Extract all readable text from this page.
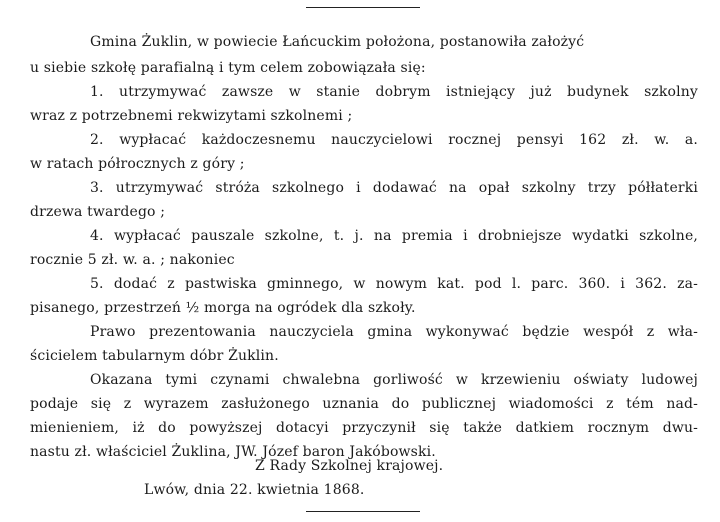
Gmina Żuklin, w powiecie Łańcuckim położona, postanowiła założyć
u siebie szkołę parafialną i tym celem zobowiązała się:
1. utrzymywać zawsze w stanie dobrym istniejący już budynek szkolny
wraz z potrzebnemi rekwizytami szkolnemi ;
2. wypłacać każdoczesnemu nauczycielowi rocznej pensyi 162 zł. w. a.
w ratach półrocznych z góry ;
3. utrzymywać stróża szkolnego i dodawać na opał szkolny trzy półłaterki
drzewa twardego ;
4. wypłacać pauszale szkolne, t. j. na premia i drobniejsze wydatki szkolne,
rocznie 5 zł. w. a. ; nakoniec
5. dodać z pastwiska gminnego, w nowym kat. pod l. parc. 360. i 362. za-
pisanego, przestrzeń ½ morga na ogródek dla szkoły.
Prawo prezentowania nauczyciela gmina wykonywać będzie wespół z wła-
ścicielem tabularnym dóbr Żuklin.
Okazana tymi czynami chwalebna gorliwość w krzewieniu oświaty ludowej
podaje się z wyrazem zasłużonego uznania do publicznej wiadomości z tém nad-
mienieniem, iż do powyższej dotacyi przyczynił się także datkiem rocznym dwu-
nastu zł. właściciel Żuklina, JW. Józef baron Jakóbowski.
Z Rady Szkolnej krajowej.
Lwów, dnia 22. kwietnia 1868.
